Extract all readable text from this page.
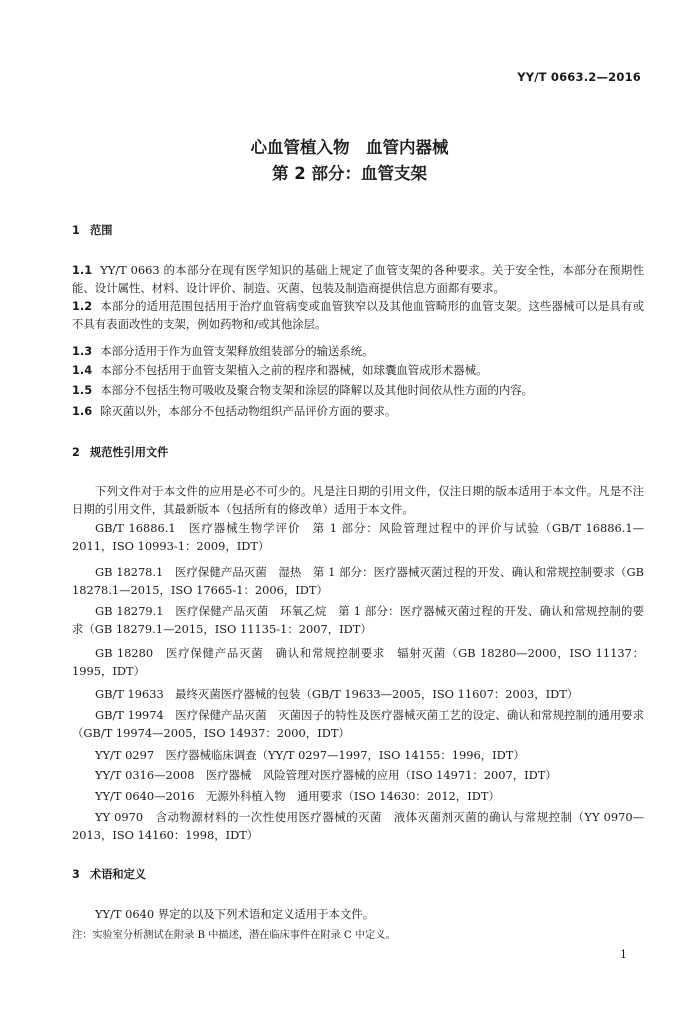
YY/T 0663.2—2016
心血管植入物　血管内器械
第 2 部分：血管支架
1 范围
1.1 YY/T 0663 的本部分在现有医学知识的基础上规定了血管支架的各种要求。关于安全性，本部分在预期性能、设计属性、材料、设计评价、制造、灭菌、包装及制造商提供信息方面都有要求。
1.2 本部分的适用范围包括用于治疗血管病变或血管狭窄以及其他血管畸形的血管支架。这些器械可以是具有或不具有表面改性的支架，例如药物和/或其他涂层。
1.3 本部分适用于作为血管支架释放组装部分的输送系统。
1.4 本部分不包括用于血管支架植入之前的程序和器械，如球囊血管成形术器械。
1.5 本部分不包括生物可吸收及聚合物支架和涂层的降解以及其他时间依从性方面的内容。
1.6 除灭菌以外，本部分不包括动物组织产品评价方面的要求。
2 规范性引用文件
下列文件对于本文件的应用是必不可少的。凡是注日期的引用文件，仅注日期的版本适用于本文件。凡是不注日期的引用文件，其最新版本（包括所有的修改单）适用于本文件。
GB/T 16886.1　医疗器械生物学评价　第 1 部分：风险管理过程中的评价与试验（GB/T 16886.1—2011，ISO 10993-1：2009，IDT）
GB 18278.1　医疗保健产品灭菌　湿热　第 1 部分：医疗器械灭菌过程的开发、确认和常规控制要求（GB 18278.1—2015，ISO 17665-1：2006，IDT）
GB 18279.1　医疗保健产品灭菌　环氧乙烷　第 1 部分：医疗器械灭菌过程的开发、确认和常规控制的要求（GB 18279.1—2015，ISO 11135-1：2007，IDT）
GB 18280　医疗保健产品灭菌　确认和常规控制要求　辐射灭菌（GB 18280—2000，ISO 11137：1995，IDT）
GB/T 19633　最终灭菌医疗器械的包装（GB/T 19633—2005，ISO 11607：2003，IDT）
GB/T 19974　医疗保健产品灭菌　灭菌因子的特性及医疗器械灭菌工艺的设定、确认和常规控制的通用要求（GB/T 19974—2005，ISO 14937：2000，IDT）
YY/T 0297　医疗器械临床调查（YY/T 0297—1997，ISO 14155：1996，IDT）
YY/T 0316—2008　医疗器械　风险管理对医疗器械的应用（ISO 14971：2007，IDT）
YY/T 0640—2016　无源外科植入物　通用要求（ISO 14630：2012，IDT）
YY 0970　含动物源材料的一次性使用医疗器械的灭菌　液体灭菌剂灭菌的确认与常规控制（YY 0970—2013，ISO 14160：1998，IDT）
3 术语和定义
YY/T 0640 界定的以及下列术语和定义适用于本文件。
注：实验室分析测试在附录 B 中描述，潜在临床事件在附录 C 中定义。
1
